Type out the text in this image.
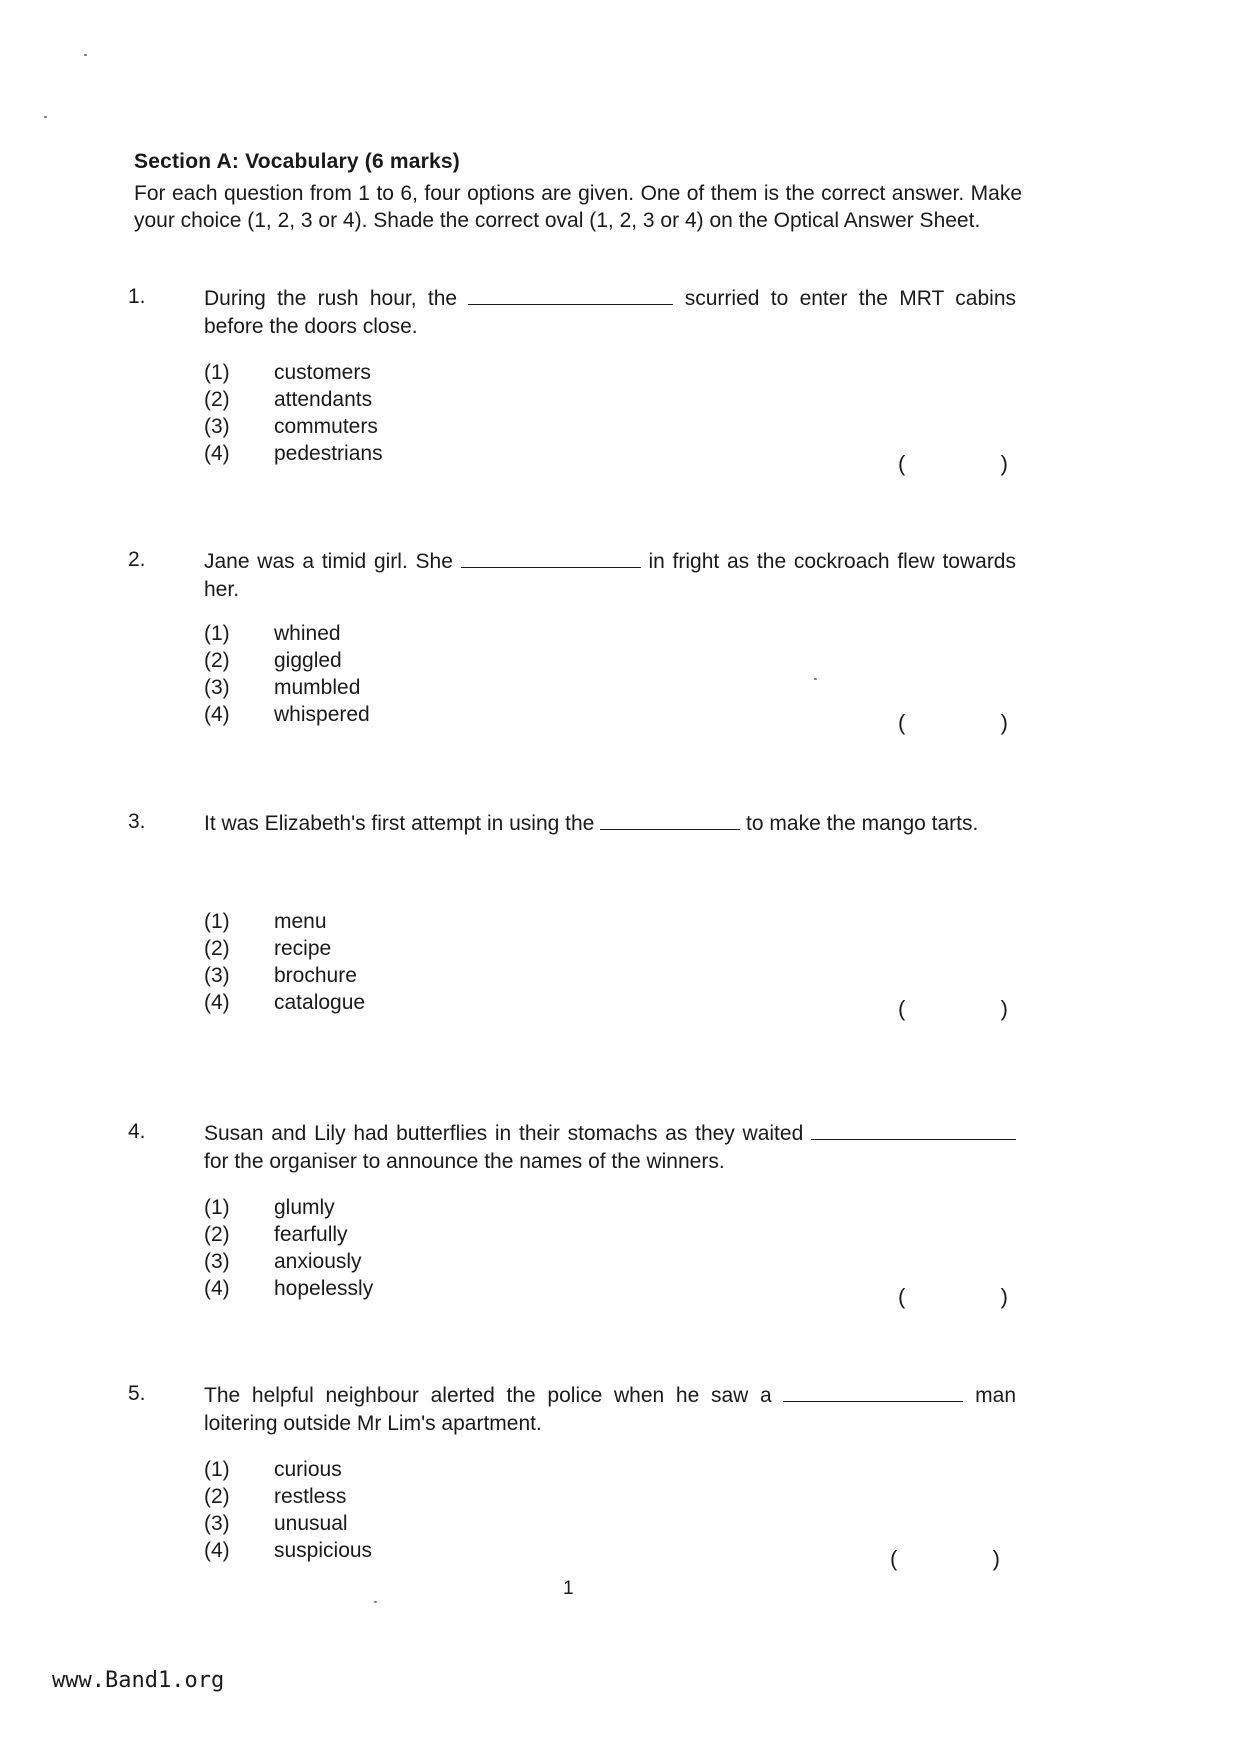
Section A: Vocabulary (6 marks)
For each question from 1 to 6, four options are given. One of them is the correct answer. Make your choice (1, 2, 3 or 4). Shade the correct oval (1, 2, 3 or 4) on the Optical Answer Sheet.
1.	During the rush hour, the	scurried to enter the MRT cabins before the doors close.
(1) customers
(2) attendants
(3) commuters
(4) pedestrians	(	)
2.	Jane was a timid girl. She	in fright as the cockroach flew towards her.
(1) whined
(2) giggled
(3) mumbled
(4) whispered	(	)
3.	It was Elizabeth's first attempt in using the	to make the mango tarts.
(1) menu
(2) recipe
(3) brochure
(4) catalogue	(	)
4.	Susan and Lily had butterflies in their stomachs as they waited  for the organiser to announce the names of the winners.
(1) glumly
(2) fearfully
(3) anxiously
(4) hopelessly	(	)
5.	The helpful neighbour alerted the police when he saw a	man loitering outside Mr Lim's apartment.
(1) curious
(2) restless
(3) unusual
(4) suspicious	(	)
1
www.Band1.org
